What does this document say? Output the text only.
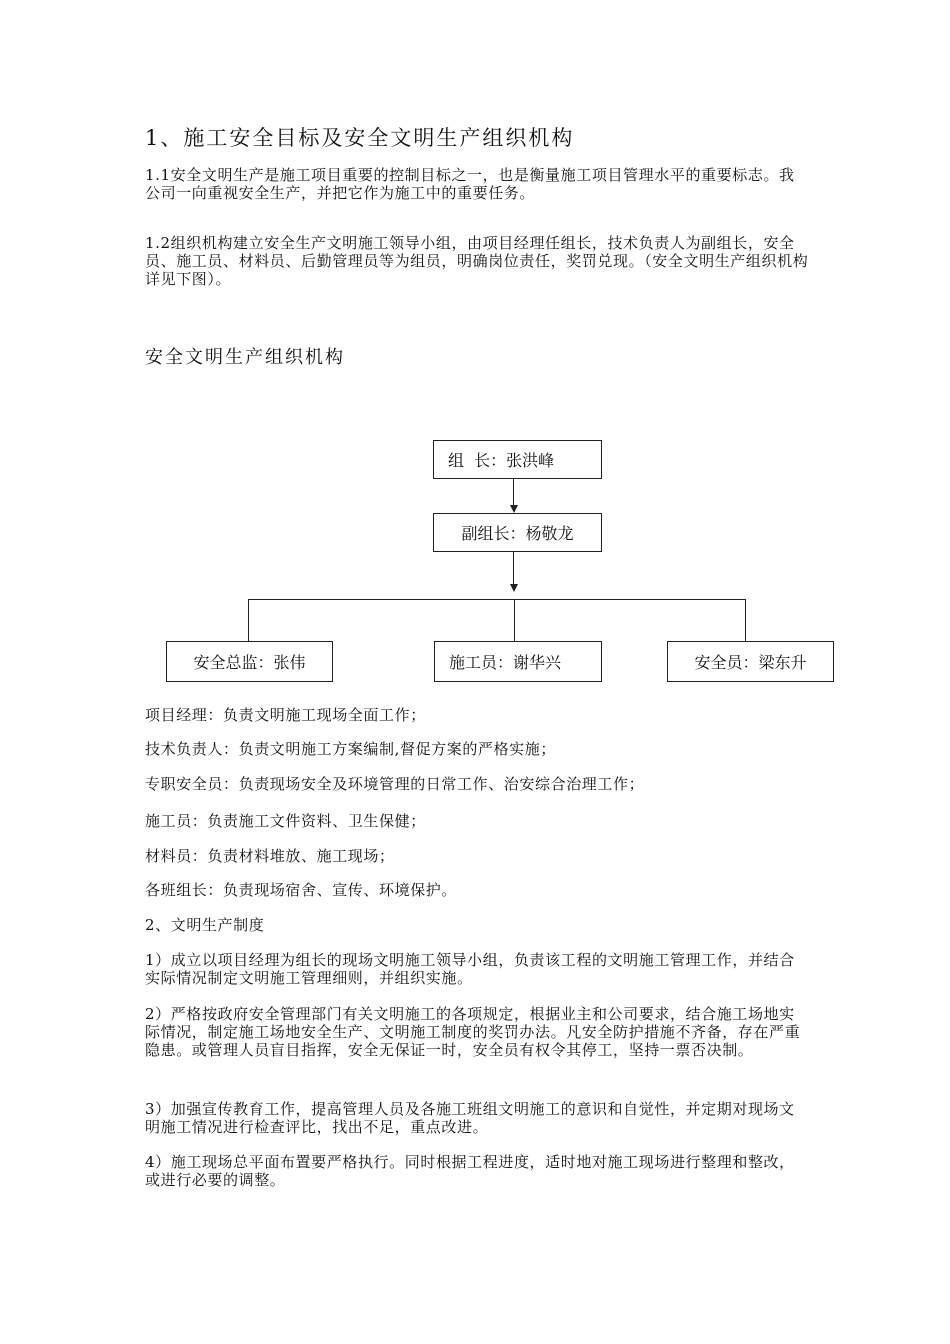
1、施工安全目标及安全文明生产组织机构

1.1安全文明生产是施工项目重要的控制目标之一，也是衡量施工项目管理水平的重要标志。我公司一向重视安全生产，并把它作为施工中的重要任务。

1.2组织机构建立安全生产文明施工领导小组，由项目经理任组长，技术负责人为副组长，安全员、施工员、材料员、后勤管理员等为组员，明确岗位责任，奖罚兑现。（安全文明生产组织机构详见下图）。

安全文明生产组织机构
组  长：张洪峰
副组长：杨敬龙
安全总监：张伟	施工员：谢华兴	安全员：梁东升

项目经理：负责文明施工现场全面工作；

技术负责人：负责文明施工方案编制,督促方案的严格实施；

专职安全员：负责现场安全及环境管理的日常工作、治安综合治理工作；

施工员：负责施工文件资料、卫生保健；

材料员：负责材料堆放、施工现场；

各班组长：负责现场宿舍、宣传、环境保护。

2、文明生产制度

1）成立以项目经理为组长的现场文明施工领导小组，负责该工程的文明施工管理工作，并结合实际情况制定文明施工管理细则，并组织实施。

2）严格按政府安全管理部门有关文明施工的各项规定，根据业主和公司要求，结合施工场地实际情况，制定施工场地安全生产、文明施工制度的奖罚办法。凡安全防护措施不齐备，存在严重隐患。或管理人员盲目指挥，安全无保证一时，安全员有权令其停工，坚持一票否决制。

3）加强宣传教育工作，提高管理人员及各施工班组文明施工的意识和自觉性，并定期对现场文明施工情况进行检查评比，找出不足，重点改进。

4）施工现场总平面布置要严格执行。同时根据工程进度，适时地对施工现场进行整理和整改，或进行必要的调整。
